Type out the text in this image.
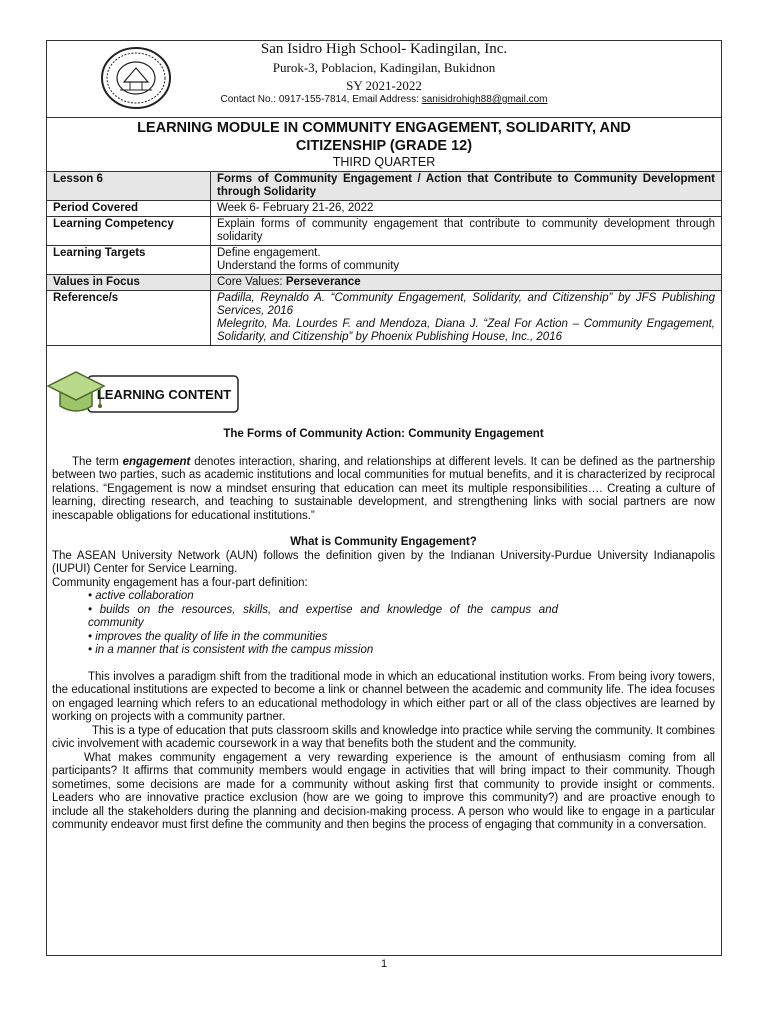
San Isidro High School- Kadingilan, Inc.
Purok-3, Poblacion, Kadingilan, Bukidnon
SY 2021-2022
Contact No.: 0917-155-7814, Email Address: sanisidrohigh88@gmail.com
LEARNING MODULE IN COMMUNITY ENGAGEMENT, SOLIDARITY, AND CITIZENSHIP (GRADE 12)
THIRD QUARTER
Lesson 6	Forms of Community Engagement / Action that Contribute to Community Development through Solidarity
Period Covered	Week 6- February 21-26, 2022
Learning Competency	Explain forms of community engagement that contribute to community development through solidarity
Learning Targets	Define engagement.
Understand the forms of community

Values in Focus	Core Values: Perseverance
Reference/s	Padilla, Reynaldo A. “Community Engagement, Solidarity, and Citizenship” by JFS Publishing Services, 2016
Melegrito, Ma. Lourdes F. and Mendoza, Diana J. “Zeal For Action – Community Engagement, Solidarity, and Citizenship” by Phoenix Publishing House, Inc., 2016
LEARNING CONTENT

The Forms of Community Action: Community Engagement

The term engagement denotes interaction, sharing, and relationships at different levels. It can be defined as the partnership between two parties, such as academic institutions and local communities for mutual benefits, and it is characterized by reciprocal relations. “Engagement is now a mindset ensuring that education can meet its multiple responsibilities…. Creating a culture of learning, directing research, and teaching to sustainable development, and strengthening links with social partners are now inescapable obligations for educational institutions.”

What is Community Engagement?

The ASEAN University Network (AUN) follows the definition given by the Indianan University-Purdue University Indianapolis (IUPUI) Center for Service Learning.

Community engagement has a four-part definition:

• active collaboration
• builds on the resources, skills, and expertise and knowledge of the campus and community
• improves the quality of life in the communities
• in a manner that is consistent with the campus mission

This involves a paradigm shift from the traditional mode in which an educational institution works. From being ivory towers, the educational institutions are expected to become a link or channel between the academic and community life. The idea focuses on engaged learning which refers to an educational methodology in which either part or all of the class objectives are learned by working on projects with a community partner.

This is a type of education that puts classroom skills and knowledge into practice while serving the community. It combines civic involvement with academic coursework in a way that benefits both the student and the community.

What makes community engagement a very rewarding experience is the amount of enthusiasm coming from all participants? It affirms that community members would engage in activities that will bring impact to their community. Though sometimes, some decisions are made for a community without asking first that community to provide insight or comments. Leaders who are innovative practice exclusion (how are we going to improve this community?) and are proactive enough to include all the stakeholders during the planning and decision-making process. A person who would like to engage in a particular community endeavor must first define the community and then begins the process of engaging that community in a conversation.

1
